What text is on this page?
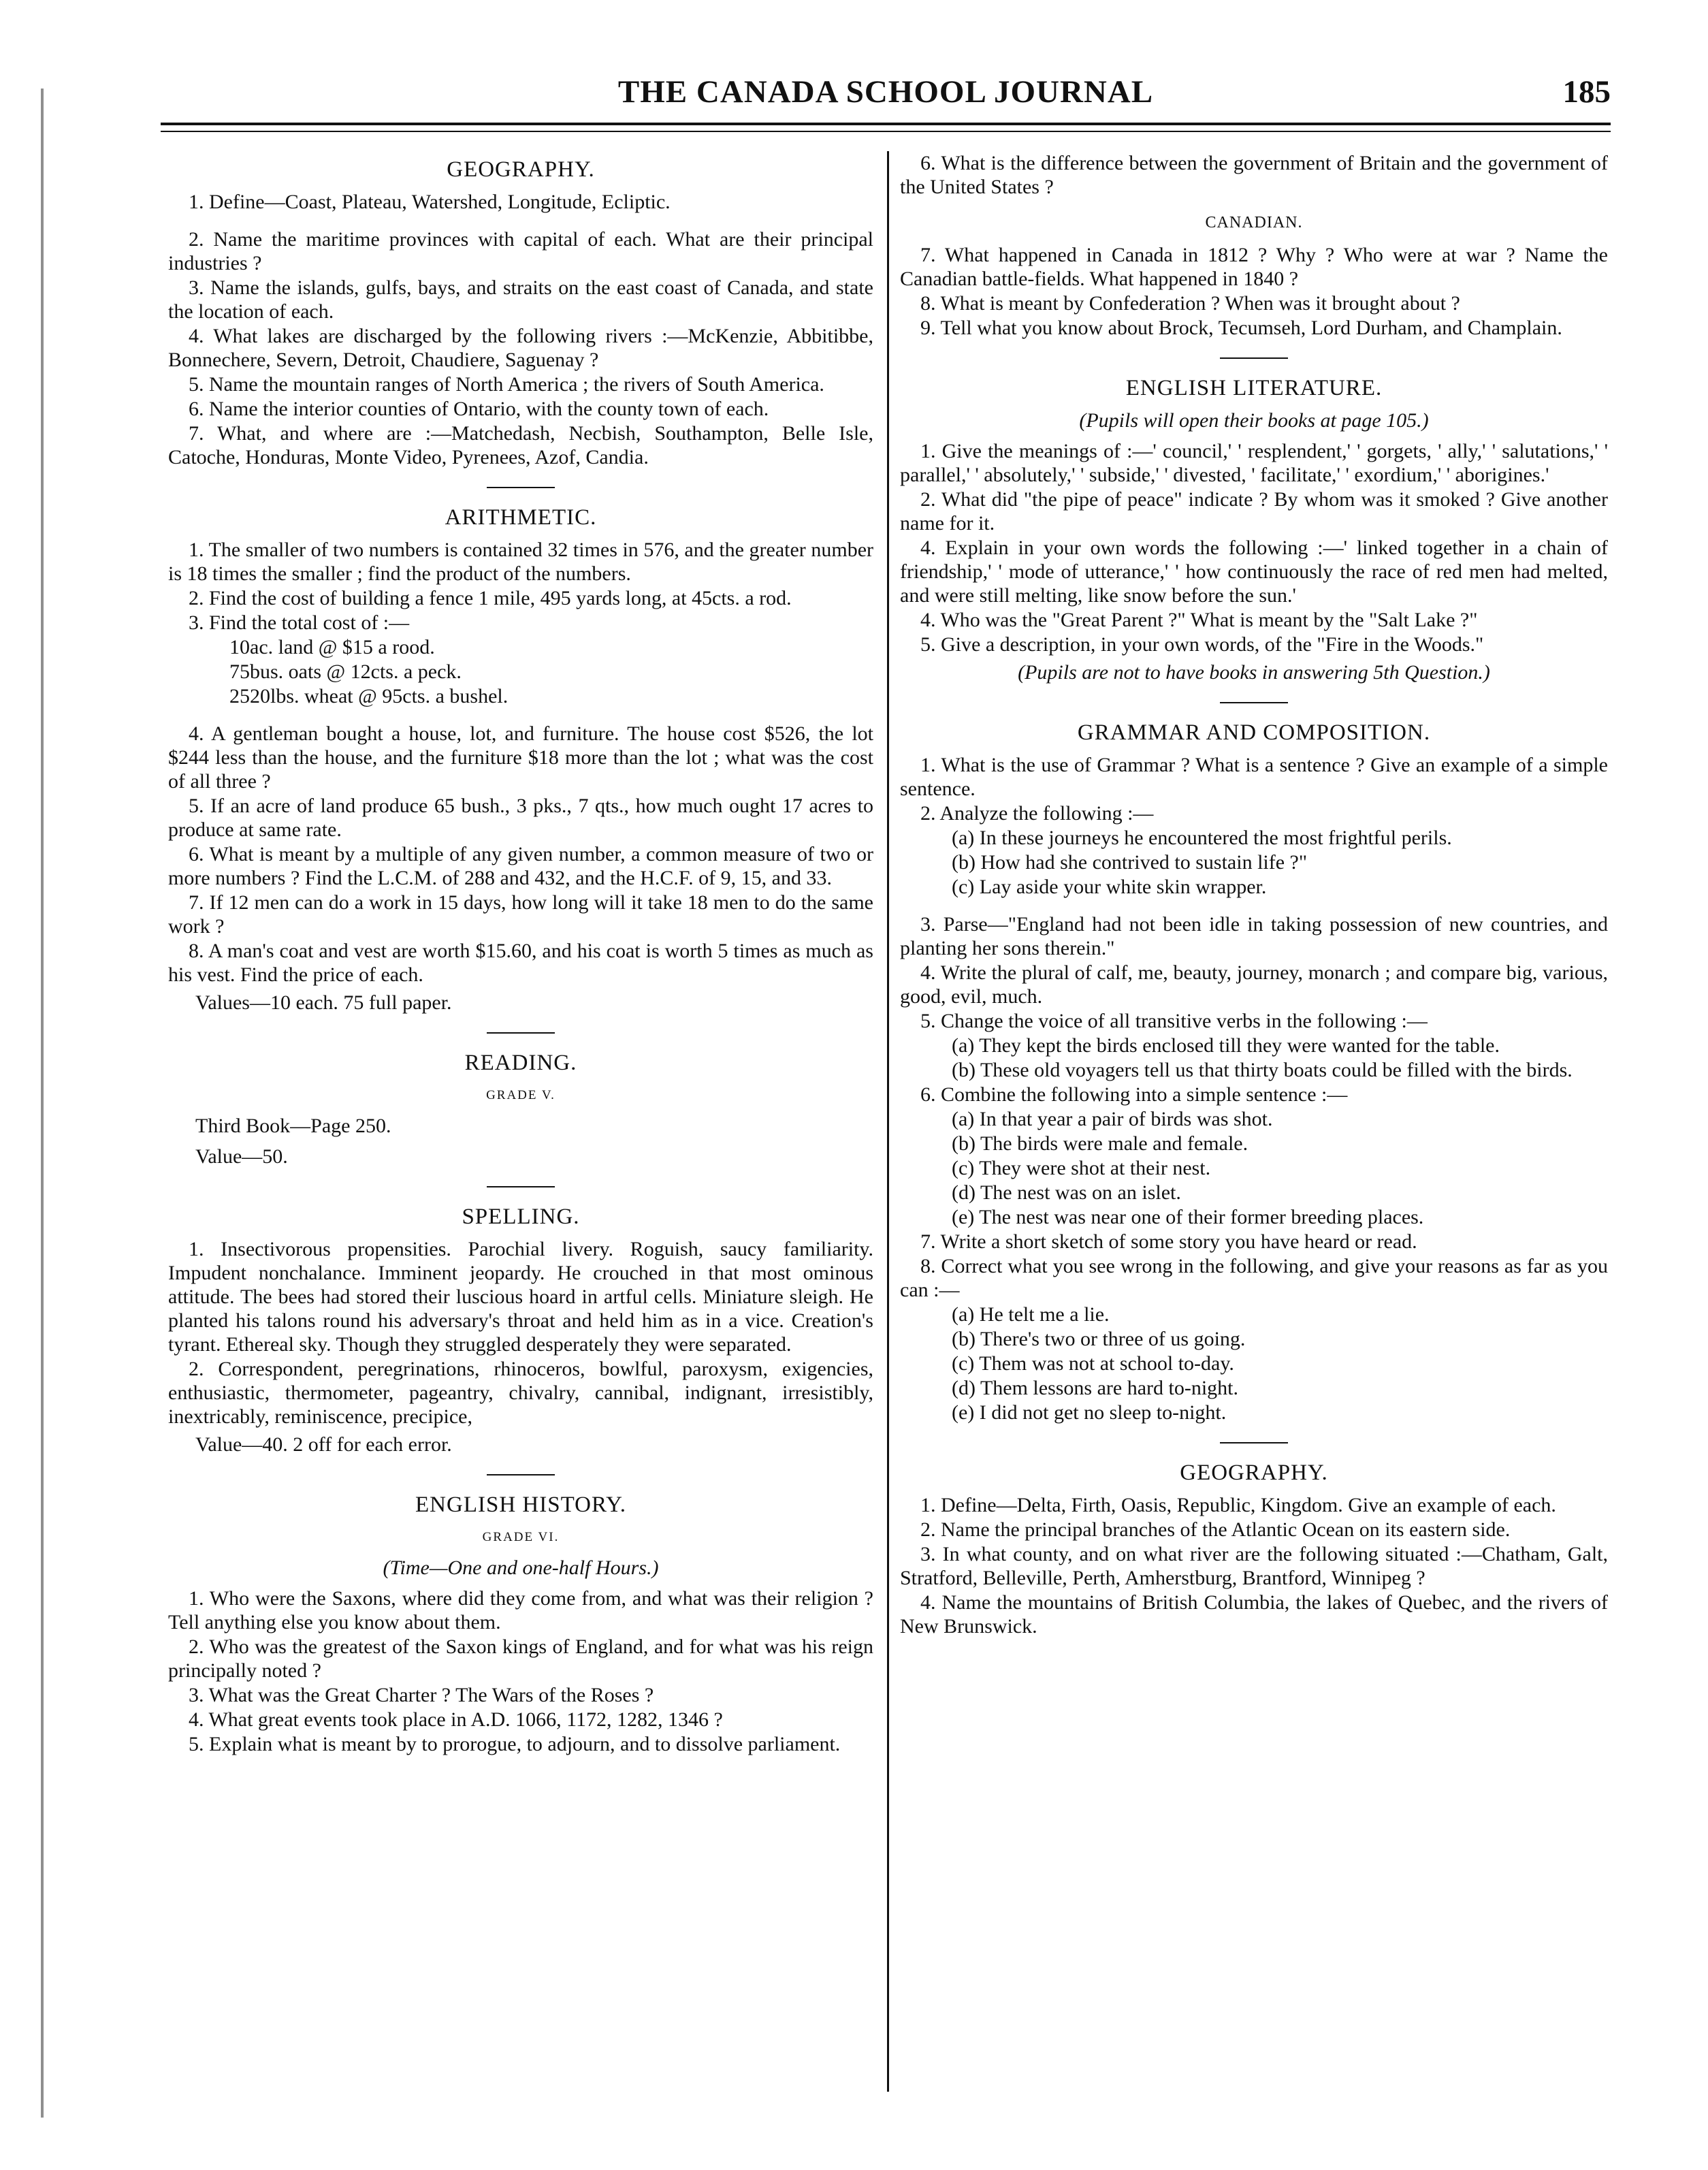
THE CANADA SCHOOL JOURNAL	185
GEOGRAPHY.

1. Define—Coast, Plateau, Watershed, Longitude, Ecliptic.

2. Name the maritime provinces with capital of each. What are their principal industries ?

3. Name the islands, gulfs, bays, and straits on the east coast of Canada, and state the location of each.

4. What lakes are discharged by the following rivers :—McKenzie, Abbitibbe, Bonnechere, Severn, Detroit, Chaudiere, Saguenay ?

5. Name the mountain ranges of North America ; the rivers of South America.

6. Name the interior counties of Ontario, with the county town of each.

7. What, and where are :—Matchedash, Necbish, Southampton, Belle Isle, Catoche, Honduras, Monte Video, Pyrenees, Azof, Candia.

ARITHMETIC.

1. The smaller of two numbers is contained 32 times in 576, and the greater number is 18 times the smaller ; find the product of the numbers.

2. Find the cost of building a fence 1 mile, 495 yards long, at 45cts. a rod.

3. Find the total cost of :—

10ac. land @ $15 a rood.

75bus. oats @ 12cts. a peck.

2520lbs. wheat @ 95cts. a bushel.

4. A gentleman bought a house, lot, and furniture. The house cost $526, the lot $244 less than the house, and the furniture $18 more than the lot ; what was the cost of all three ?

5. If an acre of land produce 65 bush., 3 pks., 7 qts., how much ought 17 acres to produce at same rate.

6. What is meant by a multiple of any given number, a common measure of two or more numbers ? Find the L.C.M. of 288 and 432, and the H.C.F. of 9, 15, and 33.

7. If 12 men can do a work in 15 days, how long will it take 18 men to do the same work ?

8. A man's coat and vest are worth $15.60, and his coat is worth 5 times as much as his vest. Find the price of each.

Values—10 each. 75 full paper.

READING.
GRADE V.

Third Book—Page 250.

Value—50.

SPELLING.

1. Insectivorous propensities. Parochial livery. Roguish, saucy familiarity. Impudent nonchalance. Imminent jeopardy. He crouched in that most ominous attitude. The bees had stored their luscious hoard in artful cells. Miniature sleigh. He planted his talons round his adversary's throat and held him as in a vice. Creation's tyrant. Ethereal sky. Though they struggled desperately they were separated.

2. Correspondent, peregrinations, rhinoceros, bowlful, paroxysm, exigencies, enthusiastic, thermometer, pageantry, chivalry, cannibal, indignant, irresistibly, inextricably, reminiscence, precipice,

Value—40. 2 off for each error.

ENGLISH HISTORY.
GRADE VI.
(Time—One and one-half Hours.)

1. Who were the Saxons, where did they come from, and what was their religion ? Tell anything else you know about them.

2. Who was the greatest of the Saxon kings of England, and for what was his reign principally noted ?

3. What was the Great Charter ? The Wars of the Roses ?

4. What great events took place in A.D. 1066, 1172, 1282, 1346 ?

5. Explain what is meant by to prorogue, to adjourn, and to dissolve parliament.

6. What is the difference between the government of Britain and the government of the United States ?

CANADIAN.

7. What happened in Canada in 1812 ? Why ? Who were at war ? Name the Canadian battle-fields. What happened in 1840 ?

8. What is meant by Confederation ? When was it brought about ?

9. Tell what you know about Brock, Tecumseh, Lord Durham, and Champlain.

ENGLISH LITERATURE.
(Pupils will open their books at page 105.)

1. Give the meanings of :—' council,' ' resplendent,' ' gorgets, ' ally,' ' salutations,' ' parallel,' ' absolutely,' ' subside,' ' divested, ' facilitate,' ' exordium,' ' aborigines.'

2. What did "the pipe of peace" indicate ? By whom was it smoked ? Give another name for it.

4. Explain in your own words the following :—' linked together in a chain of friendship,' ' mode of utterance,' ' how continuously the race of red men had melted, and were still melting, like snow before the sun.'

4. Who was the "Great Parent ?" What is meant by the "Salt Lake ?"

5. Give a description, in your own words, of the "Fire in the Woods."

(Pupils are not to have books in answering 5th Question.)
GRAMMAR AND COMPOSITION.

1. What is the use of Grammar ? What is a sentence ? Give an example of a simple sentence.

2. Analyze the following :—

(a) In these journeys he encountered the most frightful perils.

(b) How had she contrived to sustain life ?"

(c) Lay aside your white skin wrapper.

3. Parse—"England had not been idle in taking possession of new countries, and planting her sons therein."

4. Write the plural of calf, me, beauty, journey, monarch ; and compare big, various, good, evil, much.

5. Change the voice of all transitive verbs in the following :—

(a) They kept the birds enclosed till they were wanted for the table.

(b) These old voyagers tell us that thirty boats could be filled with the birds.

6. Combine the following into a simple sentence :—

(a) In that year a pair of birds was shot.

(b) The birds were male and female.

(c) They were shot at their nest.

(d) The nest was on an islet.

(e) The nest was near one of their former breeding places.

7. Write a short sketch of some story you have heard or read.

8. Correct what you see wrong in the following, and give your reasons as far as you can :—

(a) He telt me a lie.

(b) There's two or three of us going.

(c) Them was not at school to-day.

(d) Them lessons are hard to-night.

(e) I did not get no sleep to-night.

GEOGRAPHY.

1. Define—Delta, Firth, Oasis, Republic, Kingdom. Give an example of each.

2. Name the principal branches of the Atlantic Ocean on its eastern side.

3. In what county, and on what river are the following situated :—Chatham, Galt, Stratford, Belleville, Perth, Amherstburg, Brantford, Winnipeg ?

4. Name the mountains of British Columbia, the lakes of Quebec, and the rivers of New Brunswick.
